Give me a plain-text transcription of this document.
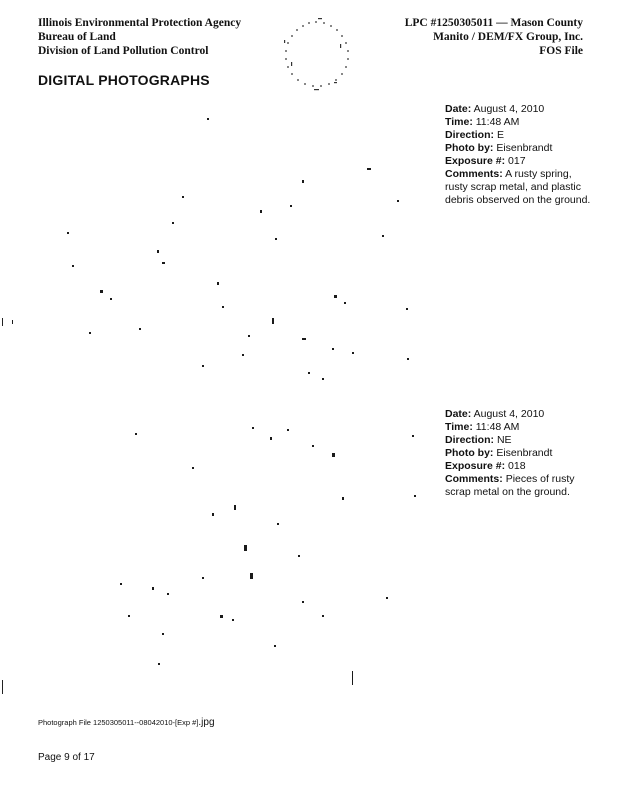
Illinois Environmental Protection Agency
Bureau of Land
Division of Land Pollution Control
LPC #1250305011 — Mason County
Manito / DEM/FX Group, Inc.
FOS File
DIGITAL PHOTOGRAPHS
Date: August 4, 2010
Time: 11:48 AM
Direction: E
Photo by: Eisenbrandt
Exposure #: 017
Comments: A rusty spring, rusty scrap metal, and plastic debris observed on the ground.
Date: August 4, 2010
Time: 11:48 AM
Direction: NE
Photo by: Eisenbrandt
Exposure #: 018
Comments: Pieces of rusty scrap metal on the ground.
Photograph File 1250305011--08042010-[Exp #].jpg
Page 9 of 17
